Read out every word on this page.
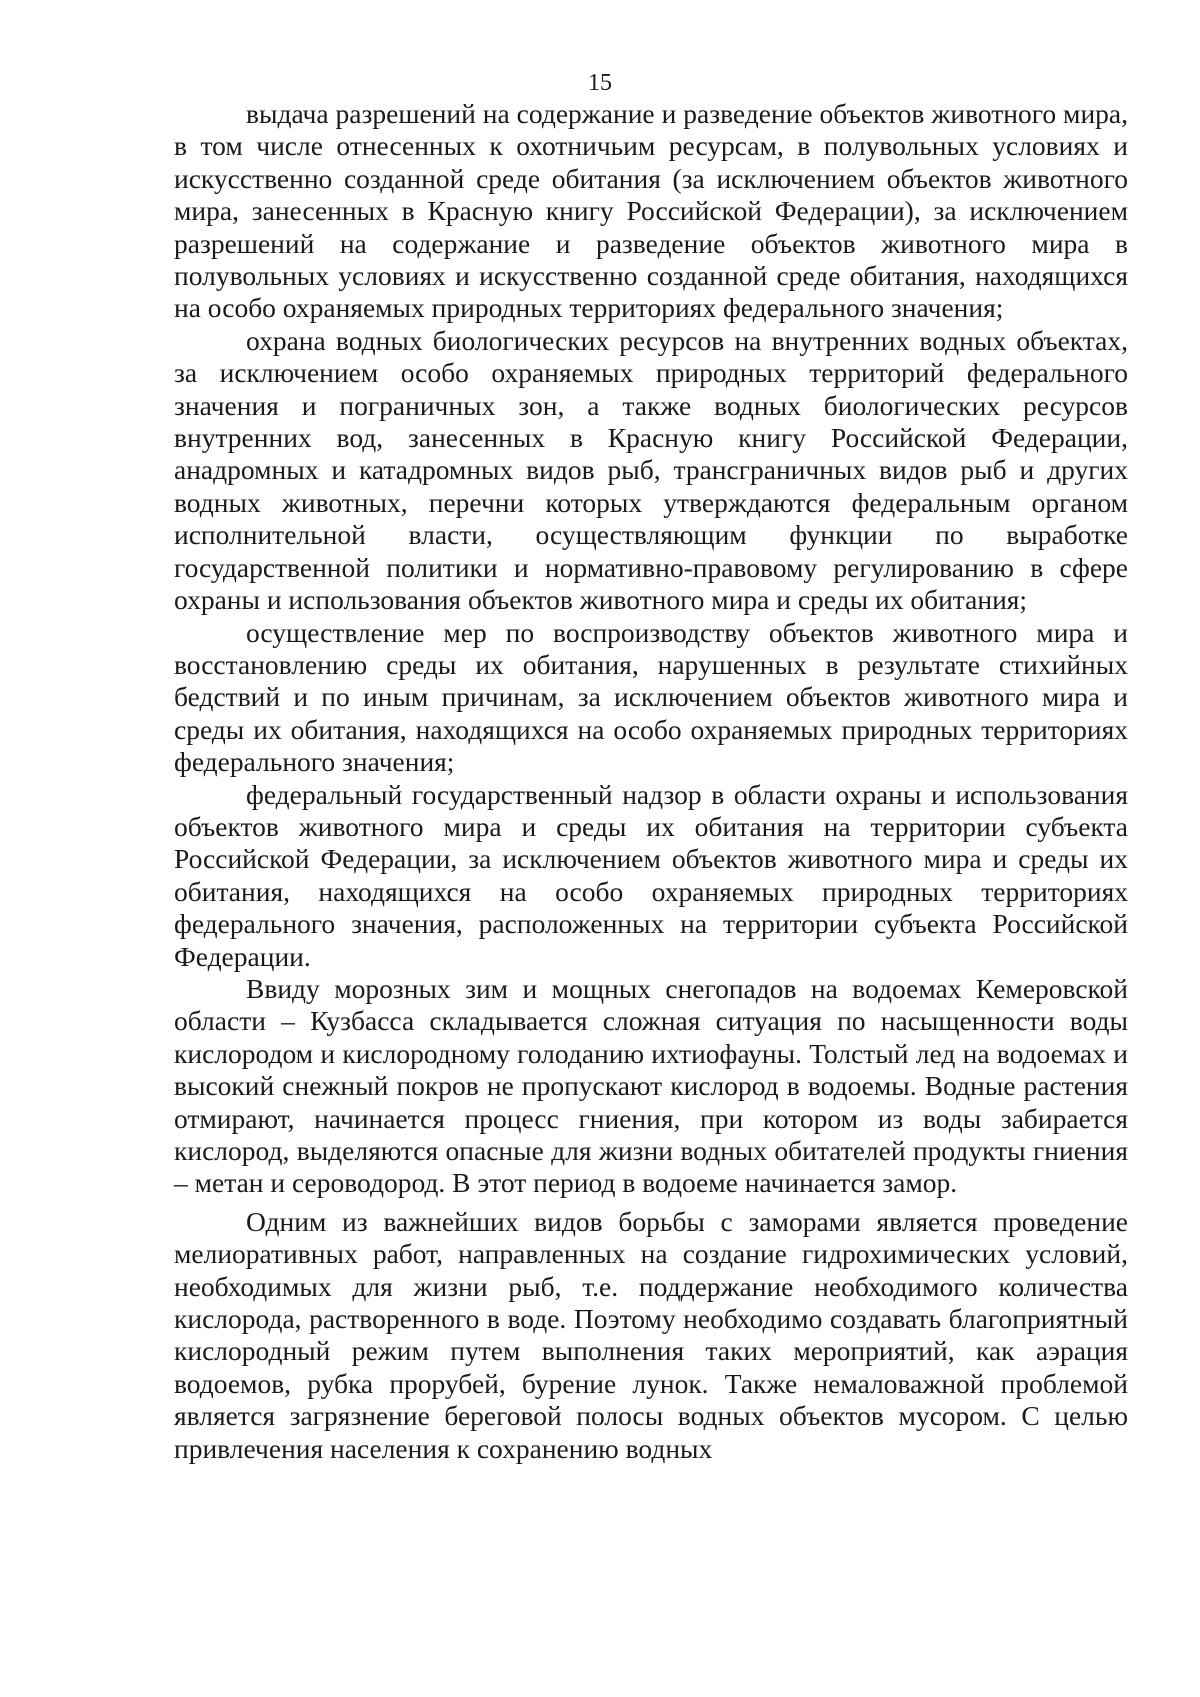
15

выдача разрешений на содержание и разведение объектов животного мира, в том числе отнесенных к охотничьим ресурсам, в полувольных условиях и искусственно созданной среде обитания (за исключением объектов животного мира, занесенных в Красную книгу Российской Федерации), за исключением разрешений на содержание и разведение объектов животного мира в полувольных условиях и искусственно созданной среде обитания, находящихся на особо охраняемых природных территориях федерального значения;

охрана водных биологических ресурсов на внутренних водных объектах, за исключением особо охраняемых природных территорий федерального значения и пограничных зон, а также водных биологических ресурсов внутренних вод, занесенных в Красную книгу Российской Федерации, анадромных и катадромных видов рыб, трансграничных видов рыб и других водных животных, перечни которых утверждаются федеральным органом исполнительной власти, осуществляющим функции по выработке государственной политики и нормативно-правовому регулированию в сфере охраны и использования объектов животного мира и среды их обитания;

осуществление мер по воспроизводству объектов животного мира и восстановлению среды их обитания, нарушенных в результате стихийных бедствий и по иным причинам, за исключением объектов животного мира и среды их обитания, находящихся на особо охраняемых природных территориях федерального значения;

федеральный государственный надзор в области охраны и использования объектов животного мира и среды их обитания на территории субъекта Российской Федерации, за исключением объектов животного мира и среды их обитания, находящихся на особо охраняемых природных территориях федерального значения, расположенных на территории субъекта Российской Федерации.

Ввиду морозных зим и мощных снегопадов на водоемах Кемеровской области – Кузбасса складывается сложная ситуация по насыщенности воды кислородом и кислородному голоданию ихтиофауны. Толстый лед на водоемах и высокий снежный покров не пропускают кислород в водоемы. Водные растения отмирают, начинается процесс гниения, при котором из воды забирается кислород, выделяются опасные для жизни водных обитателей продукты гниения – метан и сероводород. В этот период в водоеме начинается замор.

Одним из важнейших видов борьбы с заморами является проведение мелиоративных работ, направленных на создание гидрохимических условий, необходимых для жизни рыб, т.е. поддержание необходимого количества кислорода, растворенного в воде. Поэтому необходимо создавать благоприятный кислородный режим путем выполнения таких мероприятий, как аэрация водоемов, рубка прорубей, бурение лунок. Также немаловажной проблемой является загрязнение береговой полосы водных объектов мусором. С целью привлечения населения к сохранению водных
